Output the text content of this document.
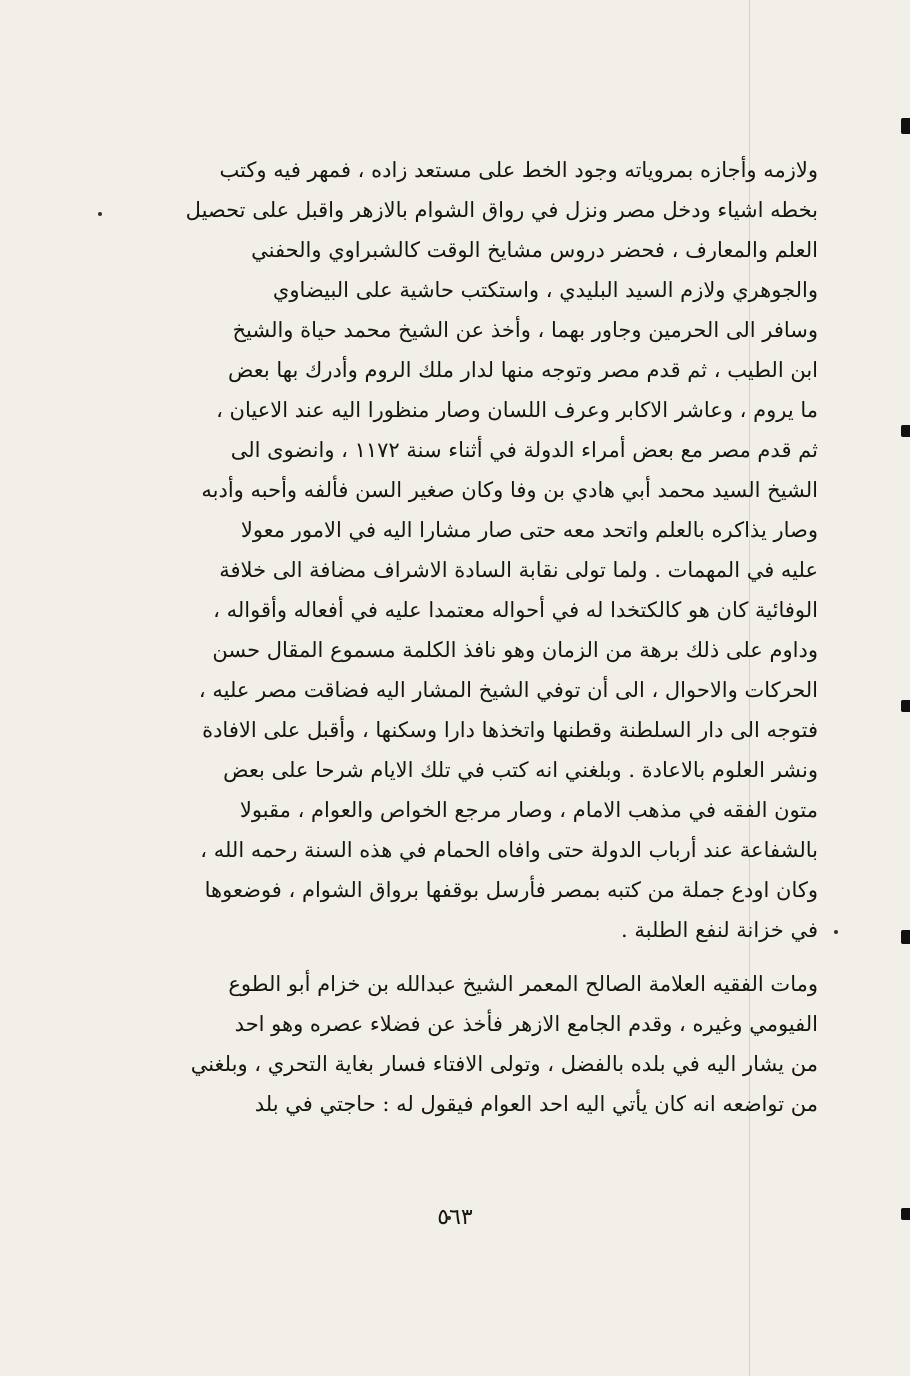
ولازمه وأجازه بمروياته وجود الخط على مستعد زاده ، فمهر فيه وكتب
بخطه اشياء ودخل مصر ونزل في رواق الشوام بالازهر واقبل على تحصيل
العلم والمعارف ، فحضر دروس مشايخ الوقت كالشبراوي والحفني
والجوهري ولازم السيد البليدي ، واستكتب حاشية على البيضاوي
وسافر الى الحرمين وجاور بهما ، وأخذ عن الشيخ محمد حياة والشيخ
ابن الطيب ، ثم قدم مصر وتوجه منها لدار ملك الروم وأدرك بها بعض
ما يروم ، وعاشر الاكابر وعرف اللسان وصار منظورا اليه عند الاعيان ،
ثم قدم مصر مع بعض أمراء الدولة في أثناء سنة ١١٧٢ ، وانضوى الى
الشيخ السيد محمد أبي هادي بن وفا وكان صغير السن فألفه وأحبه وأدبه
وصار يذاكره بالعلم واتحد معه حتى صار مشارا اليه في الامور معولا
عليه في المهمات . ولما تولى نقابة السادة الاشراف مضافة الى خلافة
الوفائية كان هو كالكتخدا له في أحواله معتمدا عليه في أفعاله وأقواله ،
وداوم على ذلك برهة من الزمان وهو نافذ الكلمة مسموع المقال حسن
الحركات والاحوال ، الى أن توفي الشيخ المشار اليه فضاقت مصر عليه ،
فتوجه الى دار السلطنة وقطنها واتخذها دارا وسكنها ، وأقبل على الافادة
ونشر العلوم بالاعادة . وبلغني انه كتب في تلك الايام شرحا على بعض
متون الفقه في مذهب الامام ، وصار مرجع الخواص والعوام ، مقبولا
بالشفاعة عند أرباب الدولة حتى وافاه الحمام في هذه السنة رحمه الله ،
وكان اودع جملة من كتبه بمصر فأرسل بوقفها برواق الشوام ، فوضعوها
في خزانة لنفع الطلبة .
ومات الفقيه العلامة الصالح المعمر الشيخ عبدالله بن خزام أبو الطوع
الفيومي وغيره ، وقدم الجامع الازهر فأخذ عن فضلاء عصره وهو احد
من يشار اليه في بلده بالفضل ، وتولى الافتاء فسار بغاية التحري ، وبلغني
من تواضعه انه كان يأتي اليه احد العوام فيقول له : حاجتي في بلد
٥٦٣
